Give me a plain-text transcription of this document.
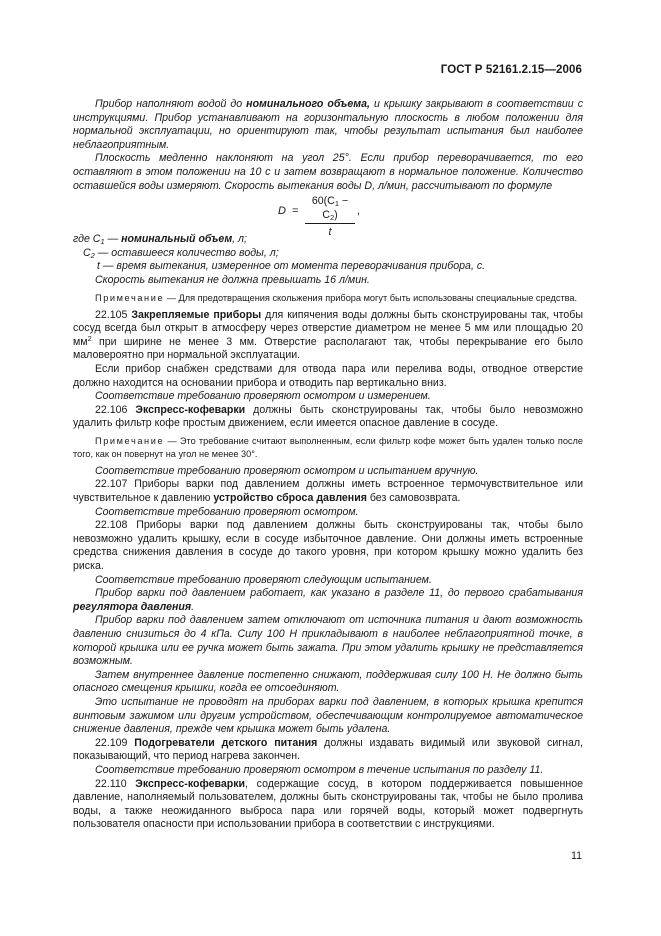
ГОСТ Р 52161.2.15—2006

Прибор наполняют водой до номинального объема, и крышку закрывают в соответствии с инструкциями. Прибор устанавливают на горизонтальную плоскость в любом положении для нормальной эксплуатации, но ориентируют так, чтобы результат испытания был наиболее неблагоприятным.

Плоскость медленно наклоняют на угол 25°. Если прибор переворачивается, то его оставляют в этом положении на 10 с и затем возвращают в нормальное положение. Количество оставшейся воды измеряют. Скорость вытекания воды D, л/мин, рассчитывают по формуле

D =
$60(C_1 - C_2)$
t
,

где $C_1$ — номинальный объем, л;

$C_2$ — оставшееся количество воды, л;

t — время вытекания, измеренное от момента переворачивания прибора, с.

Скорость вытекания не должна превышать 16 л/мин.

Примечание — Для предотвращения скольжения прибора могут быть использованы специальные средства.

22.105 Закрепляемые приборы для кипячения воды должны быть сконструированы так, чтобы сосуд всегда был открыт в атмосферу через отверстие диаметром не менее 5 мм или площадью 20 $мм^2$ при ширине не менее 3 мм. Отверстие располагают так, чтобы перекрывание его было маловероятно при нормальной эксплуатации.

Если прибор снабжен средствами для отвода пара или перелива воды, отводное отверстие должно находится на основании прибора и отводить пар вертикально вниз.

Соответствие требованию проверяют осмотром и измерением.

22.106 Экспресс-кофеварки должны быть сконструированы так, чтобы было невозможно удалить фильтр кофе простым движением, если имеется опасное давление в сосуде.

Примечание — Это требование считают выполненным, если фильтр кофе может быть удален только после того, как он повернут на угол не менее 30°.

Соответствие требованию проверяют осмотром и испытанием вручную.

22.107 Приборы варки под давлением должны иметь встроенное термочувствительное или чувствительное к давлению устройство сброса давления без самовозврата.

Соответствие требованию проверяют осмотром.

22.108 Приборы варки под давлением должны быть сконструированы так, чтобы было невозможно удалить крышку, если в сосуде избыточное давление. Они должны иметь встроенные средства снижения давления в сосуде до такого уровня, при котором крышку можно удалить без риска.

Соответствие требованию проверяют следующим испытанием.

Прибор варки под давлением работает, как указано в разделе 11, до первого срабатывания регулятора давления.

Прибор варки под давлением затем отключают от источника питания и дают возможность давлению снизиться до 4 кПа. Силу 100 Н прикладывают в наиболее неблагоприятной точке, в которой крышка или ее ручка может быть зажата. При этом удалить крышку не представляется возможным.

Затем внутреннее давление постепенно снижают, поддерживая силу 100 Н. Не должно быть опасного смещения крышки, когда ее отсоединяют.

Это испытание не проводят на приборах варки под давлением, в которых крышка крепится винтовым зажимом или другим устройством, обеспечивающим контролируемое автоматическое снижение давления, прежде чем крышка может быть удалена.

22.109 Подогреватели детского питания должны издавать видимый или звуковой сигнал, показывающий, что период нагрева закончен.

Соответствие требованию проверяют осмотром в течение испытания по разделу 11.

22.110 Экспресс-кофеварки, содержащие сосуд, в котором поддерживается повышенное давление, наполняемый пользователем, должны быть сконструированы так, чтобы не было пролива воды, а также неожиданного выброса пара или горячей воды, который может подвергнуть пользователя опасности при использовании прибора в соответствии с инструкциями.

11
